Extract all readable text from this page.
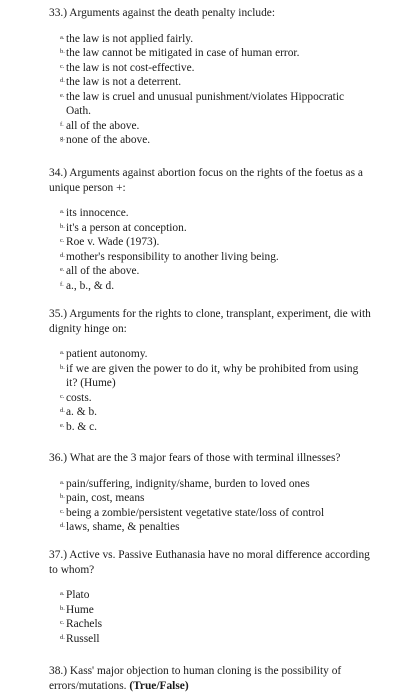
33.) Arguments against the death penalty include:

a. the law is not applied fairly.
b. the law cannot be mitigated in case of human error.
c. the law is not cost-effective.
d. the law is not a deterrent.
e. the law is cruel and unusual punishment/violates Hippocratic Oath.
f. all of the above.
g. none of the above.

34.) Arguments against abortion focus on the rights of the foetus as a unique person +:

a. its innocence.
b. it's a person at conception.
c. Roe v. Wade (1973).
d. mother's responsibility to another living being.
e. all of the above.
f. a., b., & d.

35.) Arguments for the rights to clone, transplant, experiment, die with dignity hinge on:

a. patient autonomy.
b. if we are given the power to do it, why be prohibited from using it? (Hume)
c. costs.
d. a. & b.
e. b. & c.

36.) What are the 3 major fears of those with terminal illnesses?

a. pain/suffering, indignity/shame, burden to loved ones
b. pain, cost, means
c. being a zombie/persistent vegetative state/loss of control
d. laws, shame, & penalties

37.) Active vs. Passive Euthanasia have no moral difference according to whom?

a. Plato
b. Hume
c. Rachels
d. Russell

38.) Kass' major objection to human cloning is the possibility of errors/mutations. (True/False)
